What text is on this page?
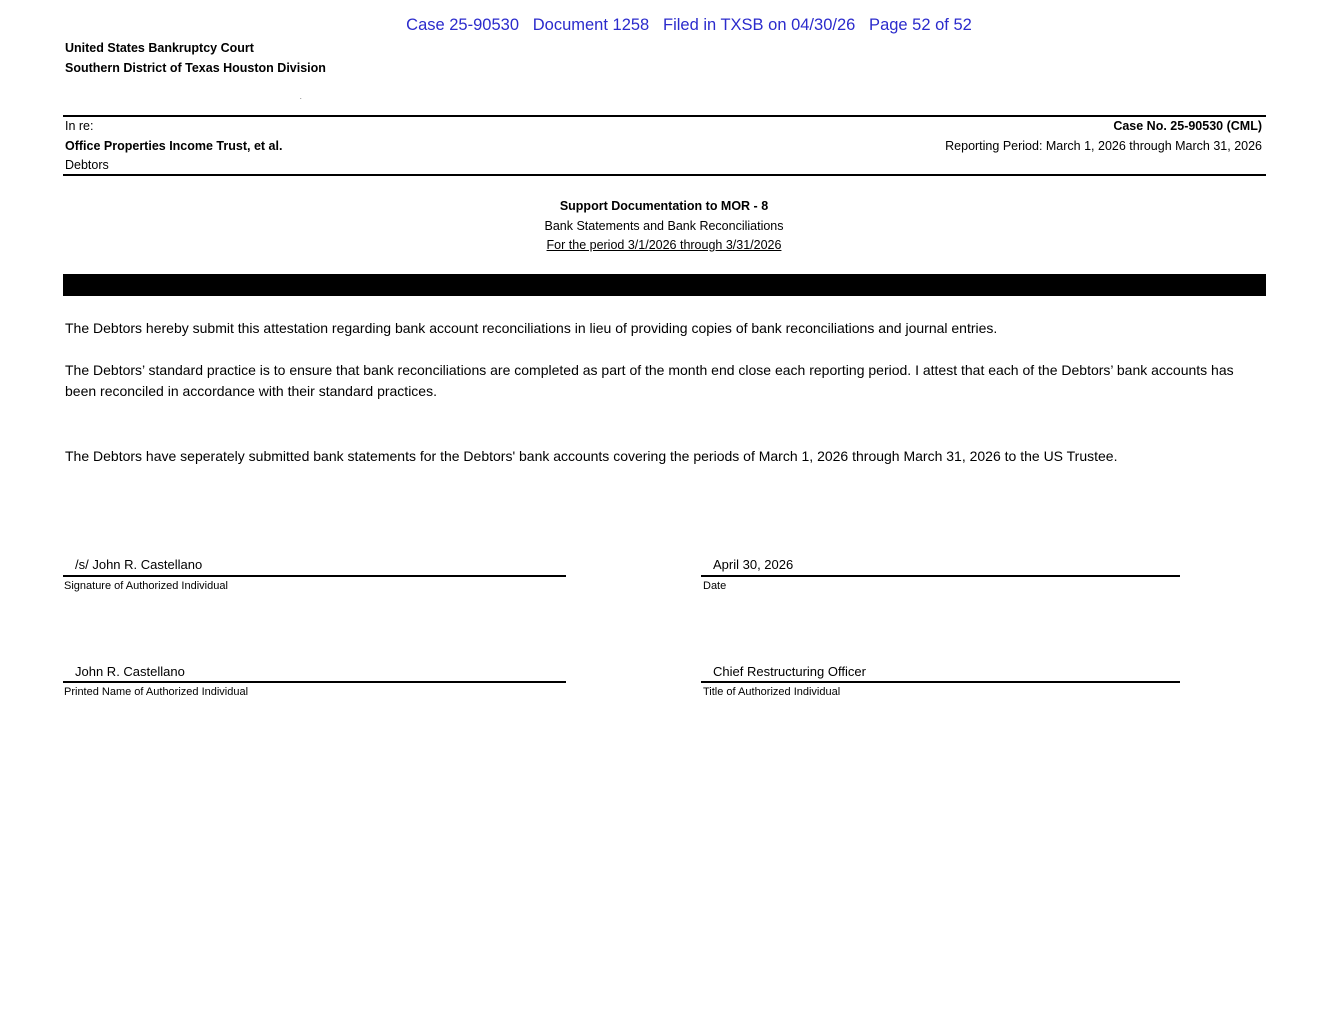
Case 25-90530   Document 1258   Filed in TXSB on 04/30/26   Page 52 of 52
United States Bankruptcy Court
Southern District of Texas Houston Division
.
In re:
Office Properties Income Trust, et al.
Debtors
Case No. 25-90530 (CML)
Reporting Period: March 1, 2026 through March 31, 2026
Support Documentation to MOR - 8
Bank Statements and Bank Reconciliations
For the period 3/1/2026 through 3/31/2026
The Debtors hereby submit this attestation regarding bank account reconciliations in lieu of providing copies of bank reconciliations and journal entries.
The Debtors’ standard practice is to ensure that bank reconciliations are completed as part of the month end close each reporting period. I attest that each of the Debtors’ bank accounts has been reconciled in accordance with their standard practices.
The Debtors have seperately submitted bank statements for the Debtors' bank accounts covering the periods of March 1, 2026 through March 31, 2026 to the US Trustee.
/s/ John R. Castellano
Signature of Authorized Individual
April 30, 2026
Date
John R. Castellano
Printed Name of Authorized Individual
Chief Restructuring Officer
Title of Authorized Individual
